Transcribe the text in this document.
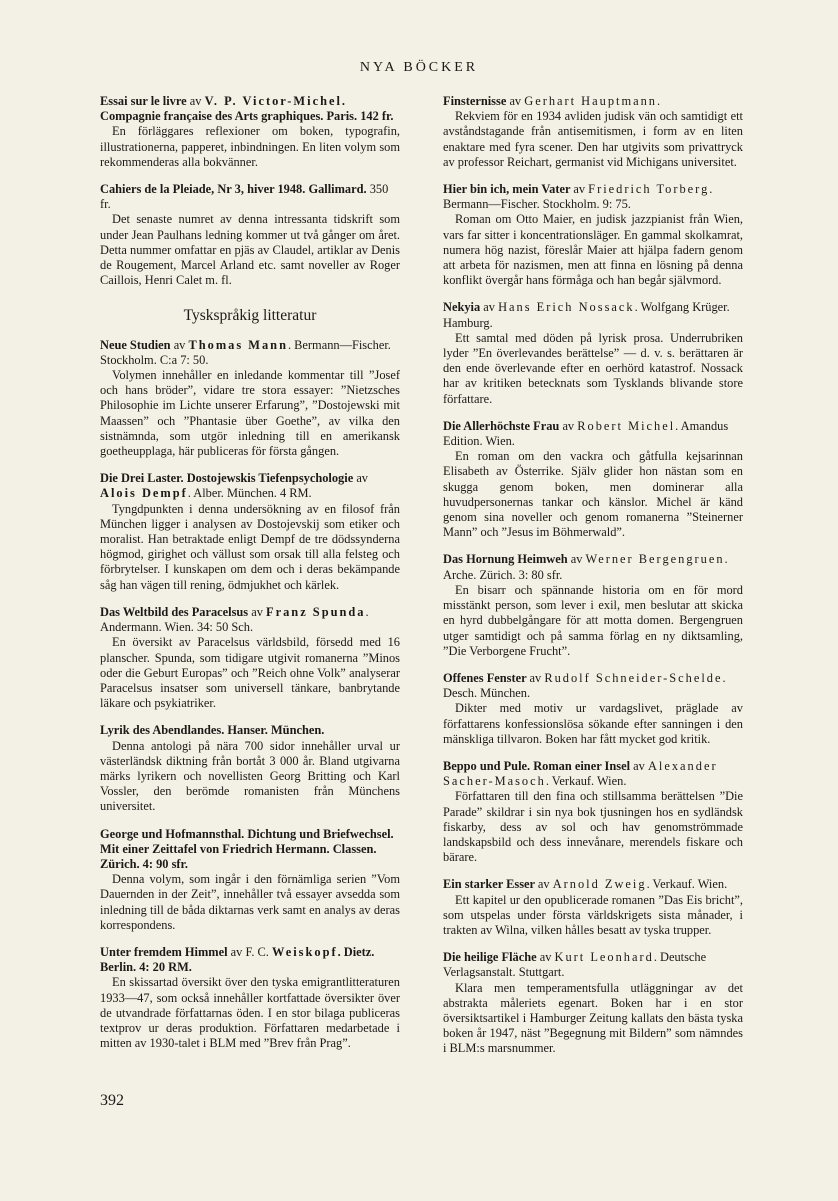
NYA BÖCKER
Essai sur le livre av V. P. Victor-Michel. Compagnie française des Arts graphiques. Paris. 142 fr.
En förläggares reflexioner om boken, typografin, illustrationerna, papperet, inbindningen. En liten volym som rekommenderas alla bokvänner.
Cahiers de la Pleiade, Nr 3, hiver 1948. Gallimard. 350 fr.
Det senaste numret av denna intressanta tidskrift som under Jean Paulhans ledning kommer ut två gånger om året. Detta nummer omfattar en pjäs av Claudel, artiklar av Denis de Rougement, Marcel Arland etc. samt noveller av Roger Caillois, Henri Calet m. fl.
Tyskspråkig litteratur
Neue Studien av Thomas Mann. Bermann—Fischer. Stockholm. C:a 7: 50.
Volymen innehåller en inledande kommentar till ”Josef och hans bröder”, vidare tre stora essayer: ”Nietzsches Philosophie im Lichte unserer Erfarung”, ”Dostojewski mit Maassen” och ”Phantasie über Goethe”, av vilka den sistnämnda, som utgör inledning till en amerikansk goetheupplaga, här publiceras för första gången.
Die Drei Laster. Dostojewskis Tiefenpsychologie av Alois Dempf. Alber. München. 4 RM.
Tyngdpunkten i denna undersökning av en filosof från München ligger i analysen av Dostojevskij som etiker och moralist. Han betraktade enligt Dempf de tre dödssynderna högmod, girighet och vällust som orsak till alla felsteg och förbrytelser. I kunskapen om dem och i deras bekämpande såg han vägen till rening, ödmjukhet och kärlek.
Das Weltbild des Paracelsus av Franz Spunda. Andermann. Wien. 34: 50 Sch.
En översikt av Paracelsus världsbild, försedd med 16 planscher. Spunda, som tidigare utgivit romanerna ”Minos oder die Geburt Europas” och ”Reich ohne Volk” analyserar Paracelsus insatser som universell tänkare, banbrytande läkare och psykiatriker.
Lyrik des Abendlandes. Hanser. München.
Denna antologi på nära 700 sidor innehåller urval ur västerländsk diktning från bortåt 3 000 år. Bland utgivarna märks lyrikern och novellisten Georg Britting och Karl Vossler, den berömde romanisten från Münchens universitet.
George und Hofmannsthal. Dichtung und Briefwechsel. Mit einer Zeittafel von Friedrich Hermann. Classen. Zürich. 4: 90 sfr.
Denna volym, som ingår i den förnämliga serien ”Vom Dauernden in der Zeit”, innehåller två essayer avsedda som inledning till de båda diktarnas verk samt en analys av deras korrespondens.
Unter fremdem Himmel av F. C. Weiskopf. Dietz. Berlin. 4: 20 RM.
En skissartad översikt över den tyska emigrantlitteraturen 1933—47, som också innehåller kortfattade översikter över de utvandrade författarnas öden. I en stor bilaga publiceras textprov ur deras produktion. Författaren medarbetade i mitten av 1930-talet i BLM med ”Brev från Prag”.
Finsternisse av Gerhart Hauptmann.
Rekviem för en 1934 avliden judisk vän och samtidigt ett avståndstagande från antisemitismen, i form av en liten enaktare med fyra scener. Den har utgivits som privattryck av professor Reichart, germanist vid Michigans universitet.
Hier bin ich, mein Vater av Friedrich Torberg. Bermann—Fischer. Stockholm. 9: 75.
Roman om Otto Maier, en judisk jazzpianist från Wien, vars far sitter i koncentrationsläger. En gammal skolkamrat, numera hög nazist, föreslår Maier att hjälpa fadern genom att arbeta för nazismen, men att finna en lösning på denna konflikt övergår hans förmåga och han begår självmord.
Nekyia av Hans Erich Nossack. Wolfgang Krüger. Hamburg.
Ett samtal med döden på lyrisk prosa. Underrubriken lyder ”En överlevandes berättelse” — d. v. s. berättaren är den ende överlevande efter en oerhörd katastrof. Nossack har av kritiken betecknats som Tysklands blivande store författare.
Die Allerhöchste Frau av Robert Michel. Amandus Edition. Wien.
En roman om den vackra och gåtfulla kejsarinnan Elisabeth av Österrike. Själv glider hon nästan som en skugga genom boken, men dominerar alla huvudpersonernas tankar och känslor. Michel är känd genom sina noveller och genom romanerna ”Steinerner Mann” och ”Jesus im Böhmerwald”.
Das Hornung Heimweh av Werner Bergengruen. Arche. Zürich. 3: 80 sfr.
En bisarr och spännande historia om en för mord misstänkt person, som lever i exil, men beslutar att skicka en hyrd dubbelgångare för att motta domen. Bergengruen utger samtidigt och på samma förlag en ny diktsamling, ”Die Verborgene Frucht”.
Offenes Fenster av Rudolf Schneider-Schelde. Desch. München.
Dikter med motiv ur vardagslivet, präglade av författarens konfessionslösa sökande efter sanningen i den mänskliga tillvaron. Boken har fått mycket god kritik.
Beppo und Pule. Roman einer Insel av Alexander Sacher-Masoch. Verkauf. Wien.
Författaren till den fina och stillsamma berättelsen ”Die Parade” skildrar i sin nya bok tjusningen hos en sydländsk fiskarby, dess av sol och hav genomströmmade landskapsbild och dess innevånare, merendels fiskare och bärare.
Ein starker Esser av Arnold Zweig. Verkauf. Wien.
Ett kapitel ur den opublicerade romanen ”Das Eis bricht”, som utspelas under första världskrigets sista månader, i trakten av Wilna, vilken hålles besatt av tyska trupper.
Die heilige Fläche av Kurt Leonhard. Deutsche Verlagsanstalt. Stuttgart.
Klara men temperamentsfulla utläggningar av det abstrakta måleriets egenart. Boken har i en stor översiktsartikel i Hamburger Zeitung kallats den bästa tyska boken år 1947, näst ”Begegnung mit Bildern” som nämndes i BLM:s marsnummer.
392
